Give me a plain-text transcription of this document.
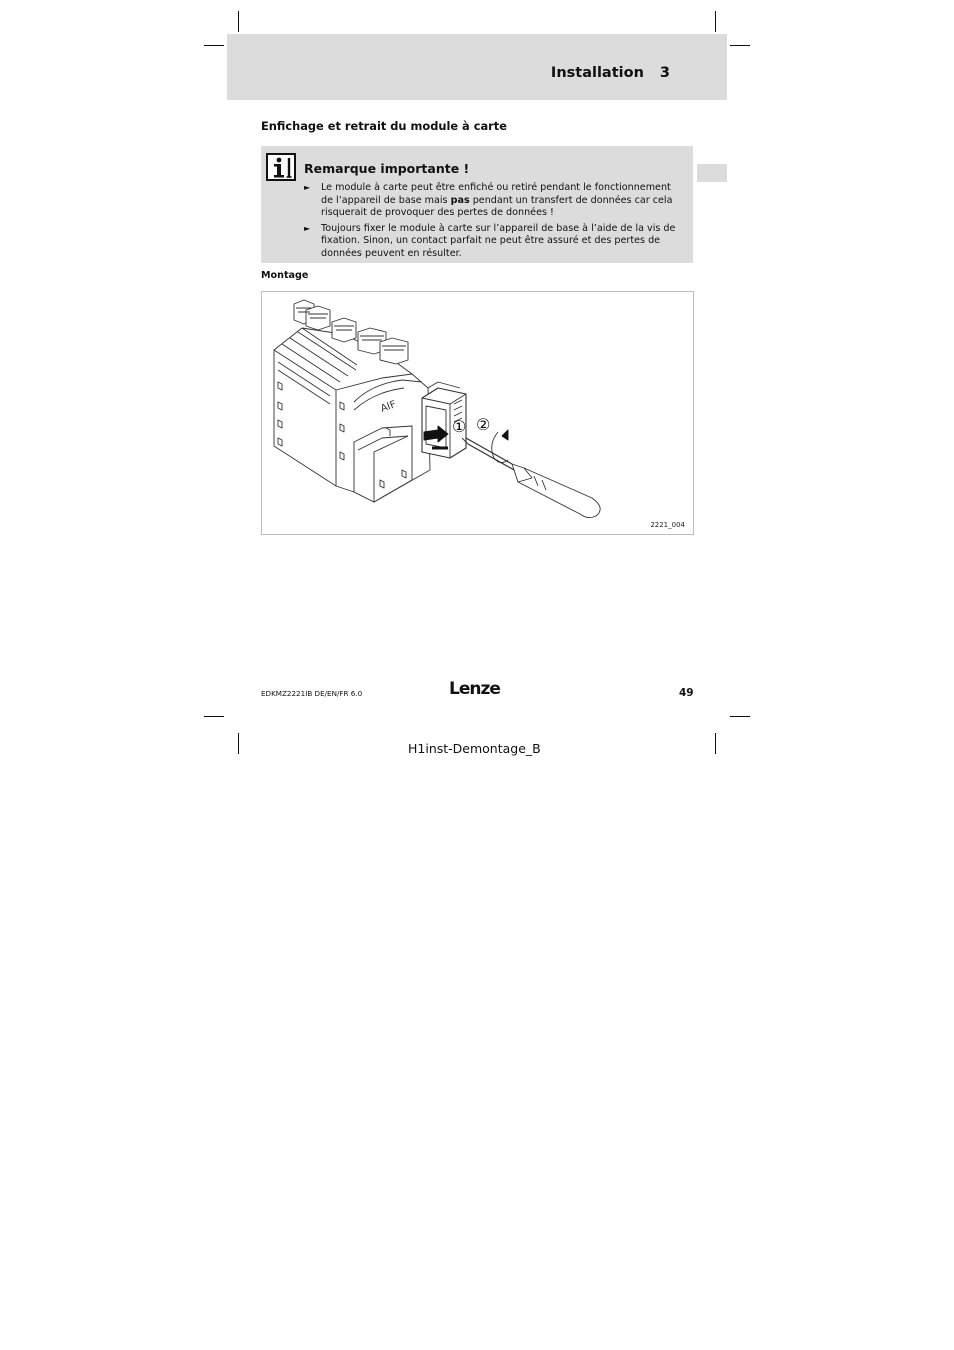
Installation 3
Enfichage et retrait du module à carte
Remarque importante !
► Le module à carte peut être enfiché ou retiré pendant le fonctionnement de l’appareil de base mais pas pendant un transfert de données car cela risquerait de provoquer des pertes de données !
► Toujours fixer le module à carte sur l’appareil de base à l’aide de la vis de fixation. Sinon, un contact parfait ne peut être assuré et des pertes de données peuvent en résulter.
Montage
AIF
① ②
2221_004
EDKMZ2221IB DE/EN/FR 6.0	Lenze	49
H1inst-Demontage_B
